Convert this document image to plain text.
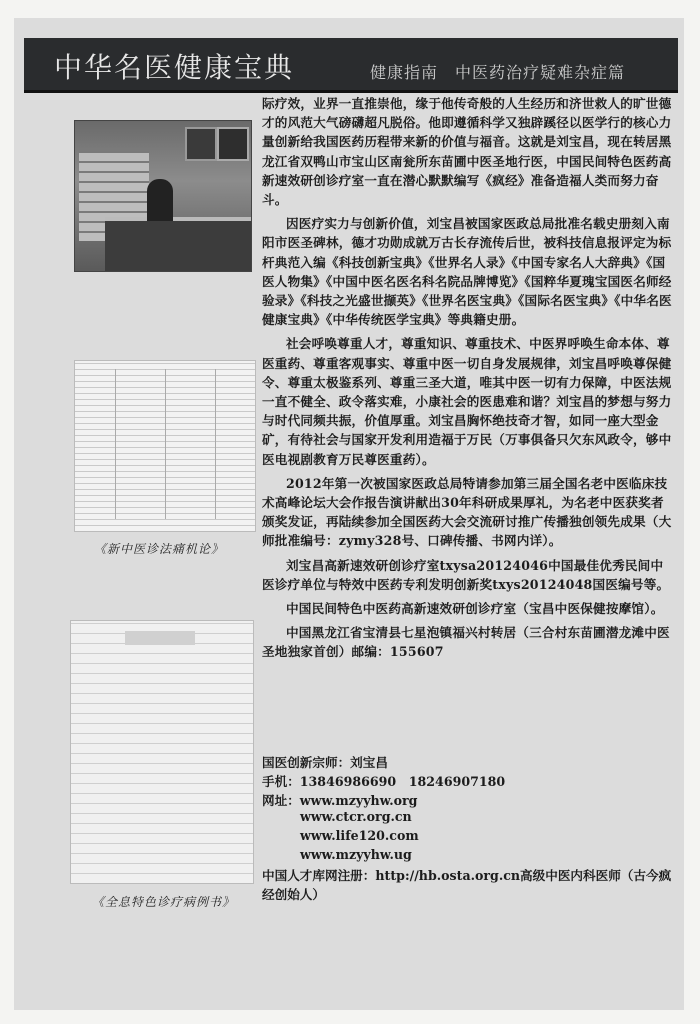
中华名医健康宝典	健康指南　中医药治疗疑难杂症篇
《新中医诊法痛机论》
《全息特色诊疗病例书》

际疗效，业界一直推崇他，缘于他传奇般的人生经历和济世救人的旷世德才的风范大气磅礴超凡脱俗。他即遵循科学又独辟蹊径以医学行的核心力量创新给我国医药历程带来新的价值与福音。这就是刘宝昌，现在转居黑龙江省双鸭山市宝山区南瓮所东苗圃中医圣地行医，中国民间特色医药高新速效研创诊疗室一直在潜心默默编写《疯经》准备造福人类而努力奋斗。

因医疗实力与创新价值，刘宝昌被国家医政总局批准名载史册刻入南阳市医圣碑林，德才功勋成就万古长存流传后世，被科技信息报评定为标杆典范入编《科技创新宝典》《世界名人录》《中国专家名人大辞典》《国医人物集》《中国中医名医名科名院品牌博览》《国粹华夏瑰宝国医名师经验录》《科技之光盛世撷英》《世界名医宝典》《国际名医宝典》《中华名医健康宝典》《中华传统医学宝典》等典籍史册。

社会呼唤尊重人才，尊重知识、尊重技术、中医界呼唤生命本体、尊医重药、尊重客观事实、尊重中医一切自身发展规律，刘宝昌呼唤尊保健令、尊重太极鉴系列、尊重三圣大道，唯其中医一切有力保障，中医法规一直不健全、政令落实难，小康社会的医患难和谐？刘宝昌的梦想与努力与时代同频共振，价值厚重。刘宝昌胸怀绝技奇才智，如同一座大型金矿，有待社会与国家开发利用造福于万民（万事俱备只欠东风政令，够中医电视剧教育万民尊医重药）。

2012年第一次被国家医政总局特请参加第三届全国名老中医临床技术高峰论坛大会作报告演讲献出30年科研成果厚礼，为名老中医获奖者颁奖发证，再陆续参加全国医药大会交流研讨推广传播独创领先成果（大师批准编号：zymy328号、口碑传播、书网内详）。

刘宝昌高新速效研创诊疗室txysa20124046中国最佳优秀民间中医诊疗单位与特效中医药专利发明创新奖txys20124048国医编号等。

中国民间特色中医药高新速效研创诊疗室（宝昌中医保健按摩馆）。

中国黑龙江省宝清县七星泡镇福兴村转居（三合村东苗圃潜龙滩中医圣地独家首创）邮编：155607

国医创新宗师：刘宝昌
手机：13846986690　18246907180
网址：www.mzyyhw.org
www.ctcr.org.cn
www.life120.com
www.mzyyhw.ug
中国人才库网注册：http://hb.osta.org.cn高级中医内科医师（古今疯经创始人）
